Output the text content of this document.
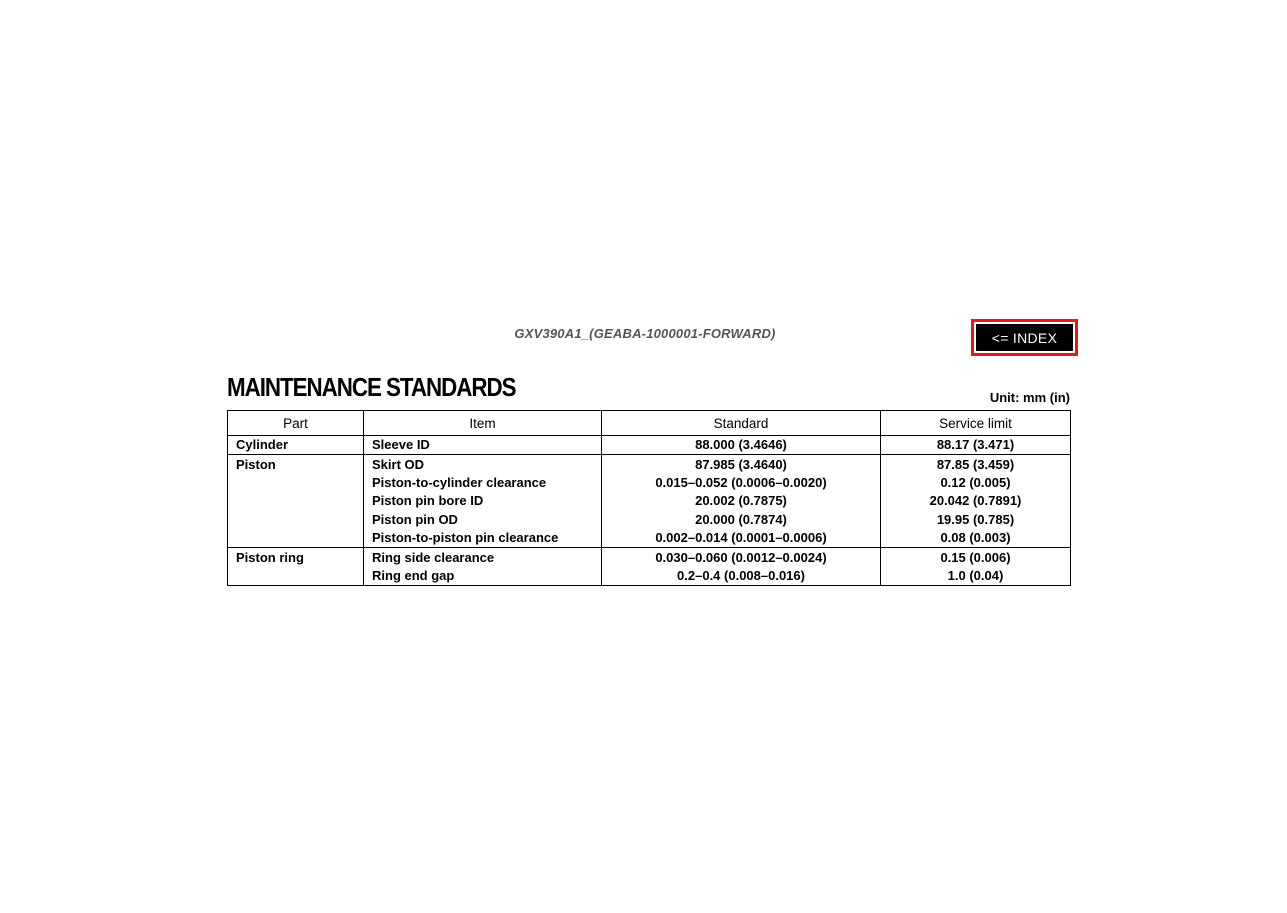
GXV390A1_(GEABA-1000001-FORWARD)	<= INDEX
MAINTENANCE STANDARDS	Unit: mm (in)
Part	Item	Standard	Service limit
Cylinder	Sleeve ID	88.000 (3.4646)	88.17 (3.471)
Piston	Skirt OD	87.985 (3.4640)	87.85 (3.459)
	Piston-to-cylinder clearance	0.015–0.052 (0.0006–0.0020)	0.12 (0.005)
	Piston pin bore ID	20.002 (0.7875)	20.042 (0.7891)
	Piston pin OD	20.000 (0.7874)	19.95 (0.785)
	Piston-to-piston pin clearance	0.002–0.014 (0.0001–0.0006)	0.08 (0.003)
Piston ring	Ring side clearance	0.030–0.060 (0.0012–0.0024)	0.15 (0.006)
	Ring end gap	0.2–0.4 (0.008–0.016)	1.0 (0.04)
